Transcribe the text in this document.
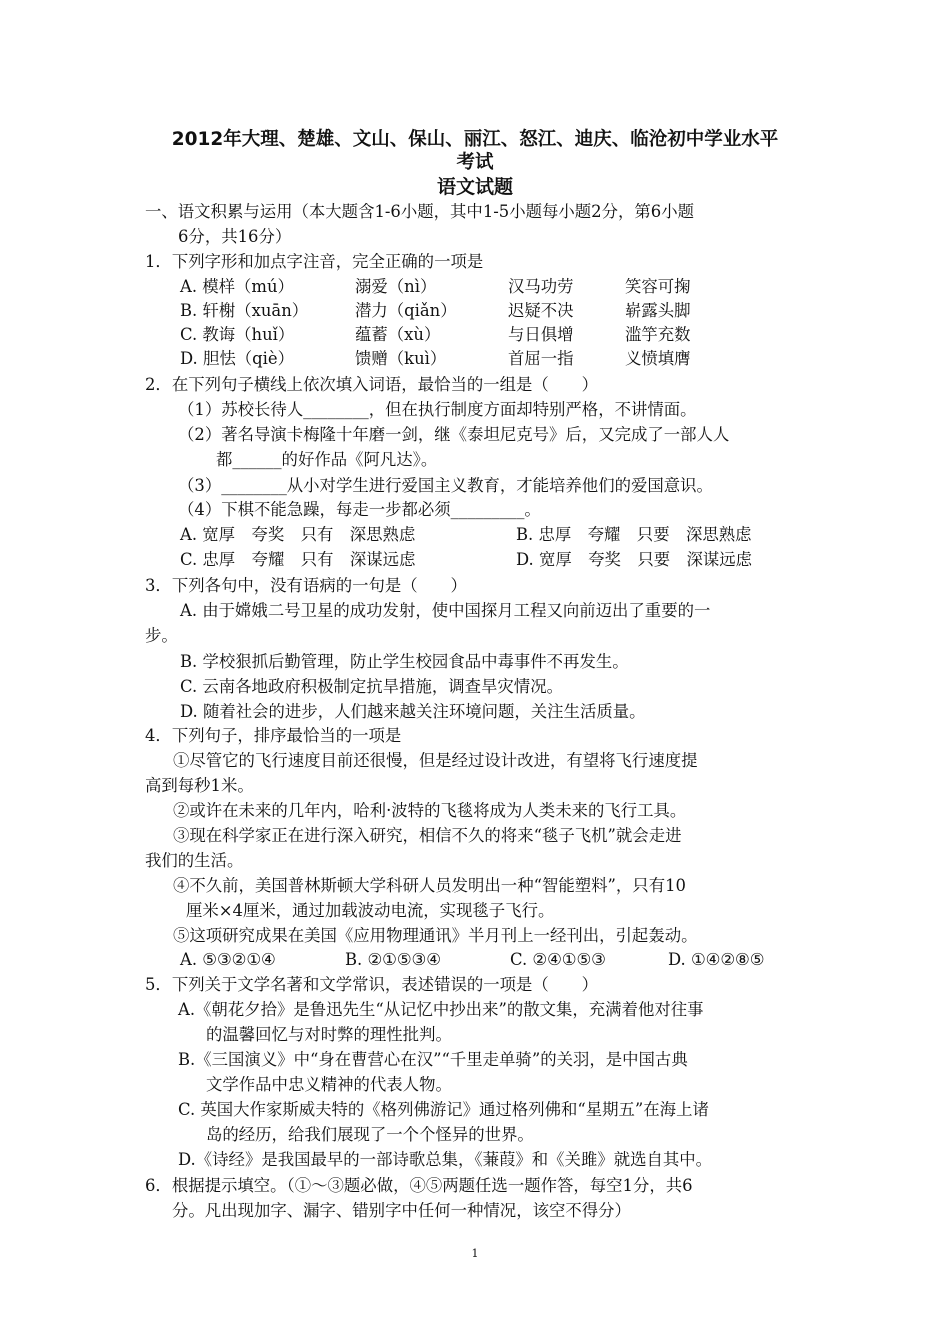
2012年大理、楚雄、文山、保山、丽江、怒江、迪庆、临沧初中学业水平
考试
语文试题
一、语文积累与运用（本大题含1-6小题，其中1-5小题每小题2分，第6小题
6分，共16分）
1．下列字形和加点字注音，完全正确的一项是
A. 模样（mú）	溺爱（nì）	汉马功劳	笑容可掬
B. 轩榭（xuān）	潜力（qiǎn）	迟疑不决	崭露头脚
C. 教诲（huǐ）	蕴蓄（xù）	与日俱增	滥竽充数
D. 胆怯（qiè）	馈赠（kuì）	首屈一指	义愤填膺
2．在下列句子横线上依次填入词语，最恰当的一组是（　　）
（1）苏校长待人________，但在执行制度方面却特别严格，不讲情面。
（2）著名导演卡梅隆十年磨一剑，继《泰坦尼克号》后，又完成了一部人人
都______的好作品《阿凡达》。
（3）________从小对学生进行爱国主义教育，才能培养他们的爱国意识。
（4）下棋不能急躁，每走一步都必须_________。
A. 宽厚　夸奖　只有　深思熟虑	B. 忠厚　夸耀　只要　深思熟虑
C. 忠厚　夸耀　只有　深谋远虑	D. 宽厚　夸奖　只要　深谋远虑
3．下列各句中，没有语病的一句是（　　）
A. 由于嫦娥二号卫星的成功发射，使中国探月工程又向前迈出了重要的一
步。
B. 学校狠抓后勤管理，防止学生校园食品中毒事件不再发生。
C. 云南各地政府积极制定抗旱措施，调查旱灾情况。
D. 随着社会的进步，人们越来越关注环境问题，关注生活质量。
4．下列句子，排序最恰当的一项是
①尽管它的飞行速度目前还很慢，但是经过设计改进，有望将飞行速度提
高到每秒1米。
②或许在未来的几年内，哈利·波特的飞毯将成为人类未来的飞行工具。
③现在科学家正在进行深入研究，相信不久的将来“毯子飞机”就会走进
我们的生活。
④不久前，美国普林斯顿大学科研人员发明出一种“智能塑料”，只有10
厘米×4厘米，通过加载波动电流，实现毯子飞行。
⑤这项研究成果在美国《应用物理通讯》半月刊上一经刊出，引起轰动。
A. ⑤③②①④	B. ②①⑤③④	C. ②④①⑤③	D. ①④②⑧⑤
5．下列关于文学名著和文学常识，表述错误的一项是（　　）
A.《朝花夕拾》是鲁迅先生“从记忆中抄出来”的散文集，充满着他对往事
的温馨回忆与对时弊的理性批判。
B.《三国演义》中“身在曹营心在汉”“千里走单骑”的关羽，是中国古典
文学作品中忠义精神的代表人物。
C. 英国大作家斯威夫特的《格列佛游记》通过格列佛和“星期五”在海上诸
岛的经历，给我们展现了一个个怪异的世界。
D.《诗经》是我国最早的一部诗歌总集，《蒹葭》和《关雎》就选自其中。
6．根据提示填空。（①～③题必做，④⑤两题任选一题作答，每空1分，共6
分。凡出现加字、漏字、错别字中任何一种情况，该空不得分）
1
